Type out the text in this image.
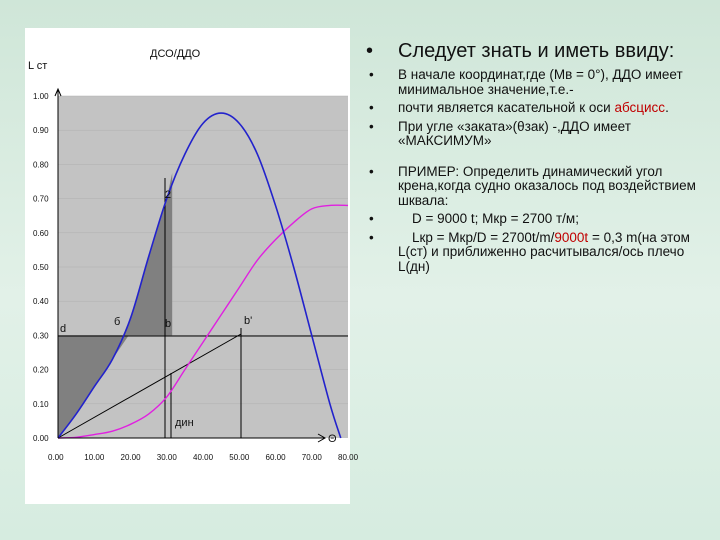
1.00
0.90
0.80
0.70
0.60
0.50
0.40
0.30
0.20
0.10
0.00
0.00	10.00 20.00 30.00 40.00 50.00 60.00 70.00 80.00
Θ
d
б	b	b'
2
дин
ДСО/ДДО
L ст
• Следует знать и иметь ввиду:
• В начале координат,где (Мв = 0°), ДДО имеет минимальное значение,т.е.-
• почти является касательной к оси абсцисс.
• При угле «заката»(θзак) -,ДДО имеет «МАКСИМУМ»
• ПРИМЕР: Определить динамический угол крена,когда судно оказалось под воздействием шквала:
•	D = 9000 t; Мкр = 2700 т/м;
•	Lкр = Мкр/D = 2700t/m/9000t = 0,3 m(на этом L(ст) и приближенно расчитывался/ось плечо L(дн)
